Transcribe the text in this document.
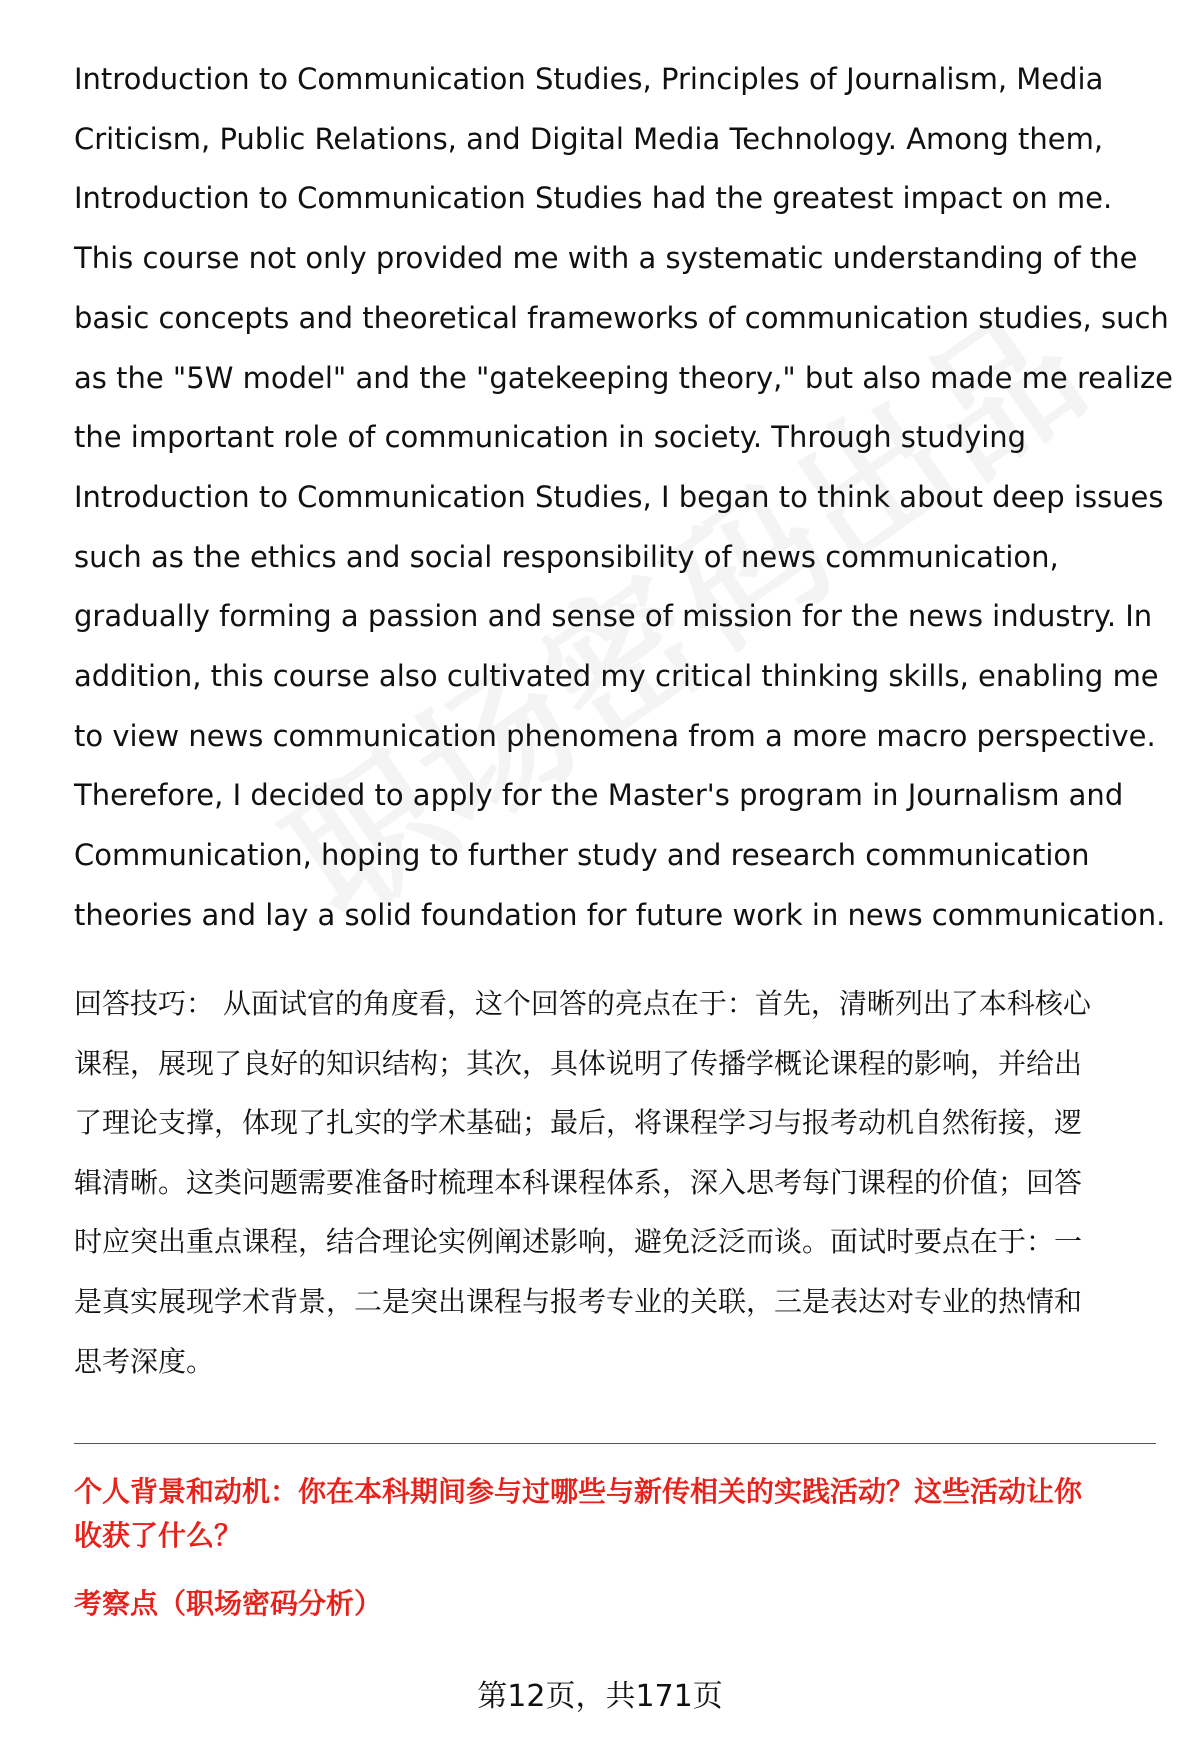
Introduction to Communication Studies, Principles of Journalism, Media
Criticism, Public Relations, and Digital Media Technology. Among them,
Introduction to Communication Studies had the greatest impact on me.
This course not only provided me with a systematic understanding of the
basic concepts and theoretical frameworks of communication studies, such
as the "5W model" and the "gatekeeping theory," but also made me realize
the important role of communication in society. Through studying
Introduction to Communication Studies, I began to think about deep issues
such as the ethics and social responsibility of news communication,
gradually forming a passion and sense of mission for the news industry. In
addition, this course also cultivated my critical thinking skills, enabling me
to view news communication phenomena from a more macro perspective.
Therefore, I decided to apply for the Master's program in Journalism and
Communication, hoping to further study and research communication
theories and lay a solid foundation for future work in news communication.
回答技巧： 从面试官的角度看，这个回答的亮点在于：首先，清晰列出了本科核心
课程，展现了良好的知识结构；其次，具体说明了传播学概论课程的影响，并给出
了理论支撑，体现了扎实的学术基础；最后，将课程学习与报考动机自然衔接，逻
辑清晰。这类问题需要准备时梳理本科课程体系，深入思考每门课程的价值；回答
时应突出重点课程，结合理论实例阐述影响，避免泛泛而谈。面试时要点在于：一
是真实展现学术背景，二是突出课程与报考专业的关联，三是表达对专业的热情和
思考深度。
个人背景和动机：你在本科期间参与过哪些与新传相关的实践活动？这些活动让你
收获了什么？
考察点（职场密码分析）
第12页，共171页
